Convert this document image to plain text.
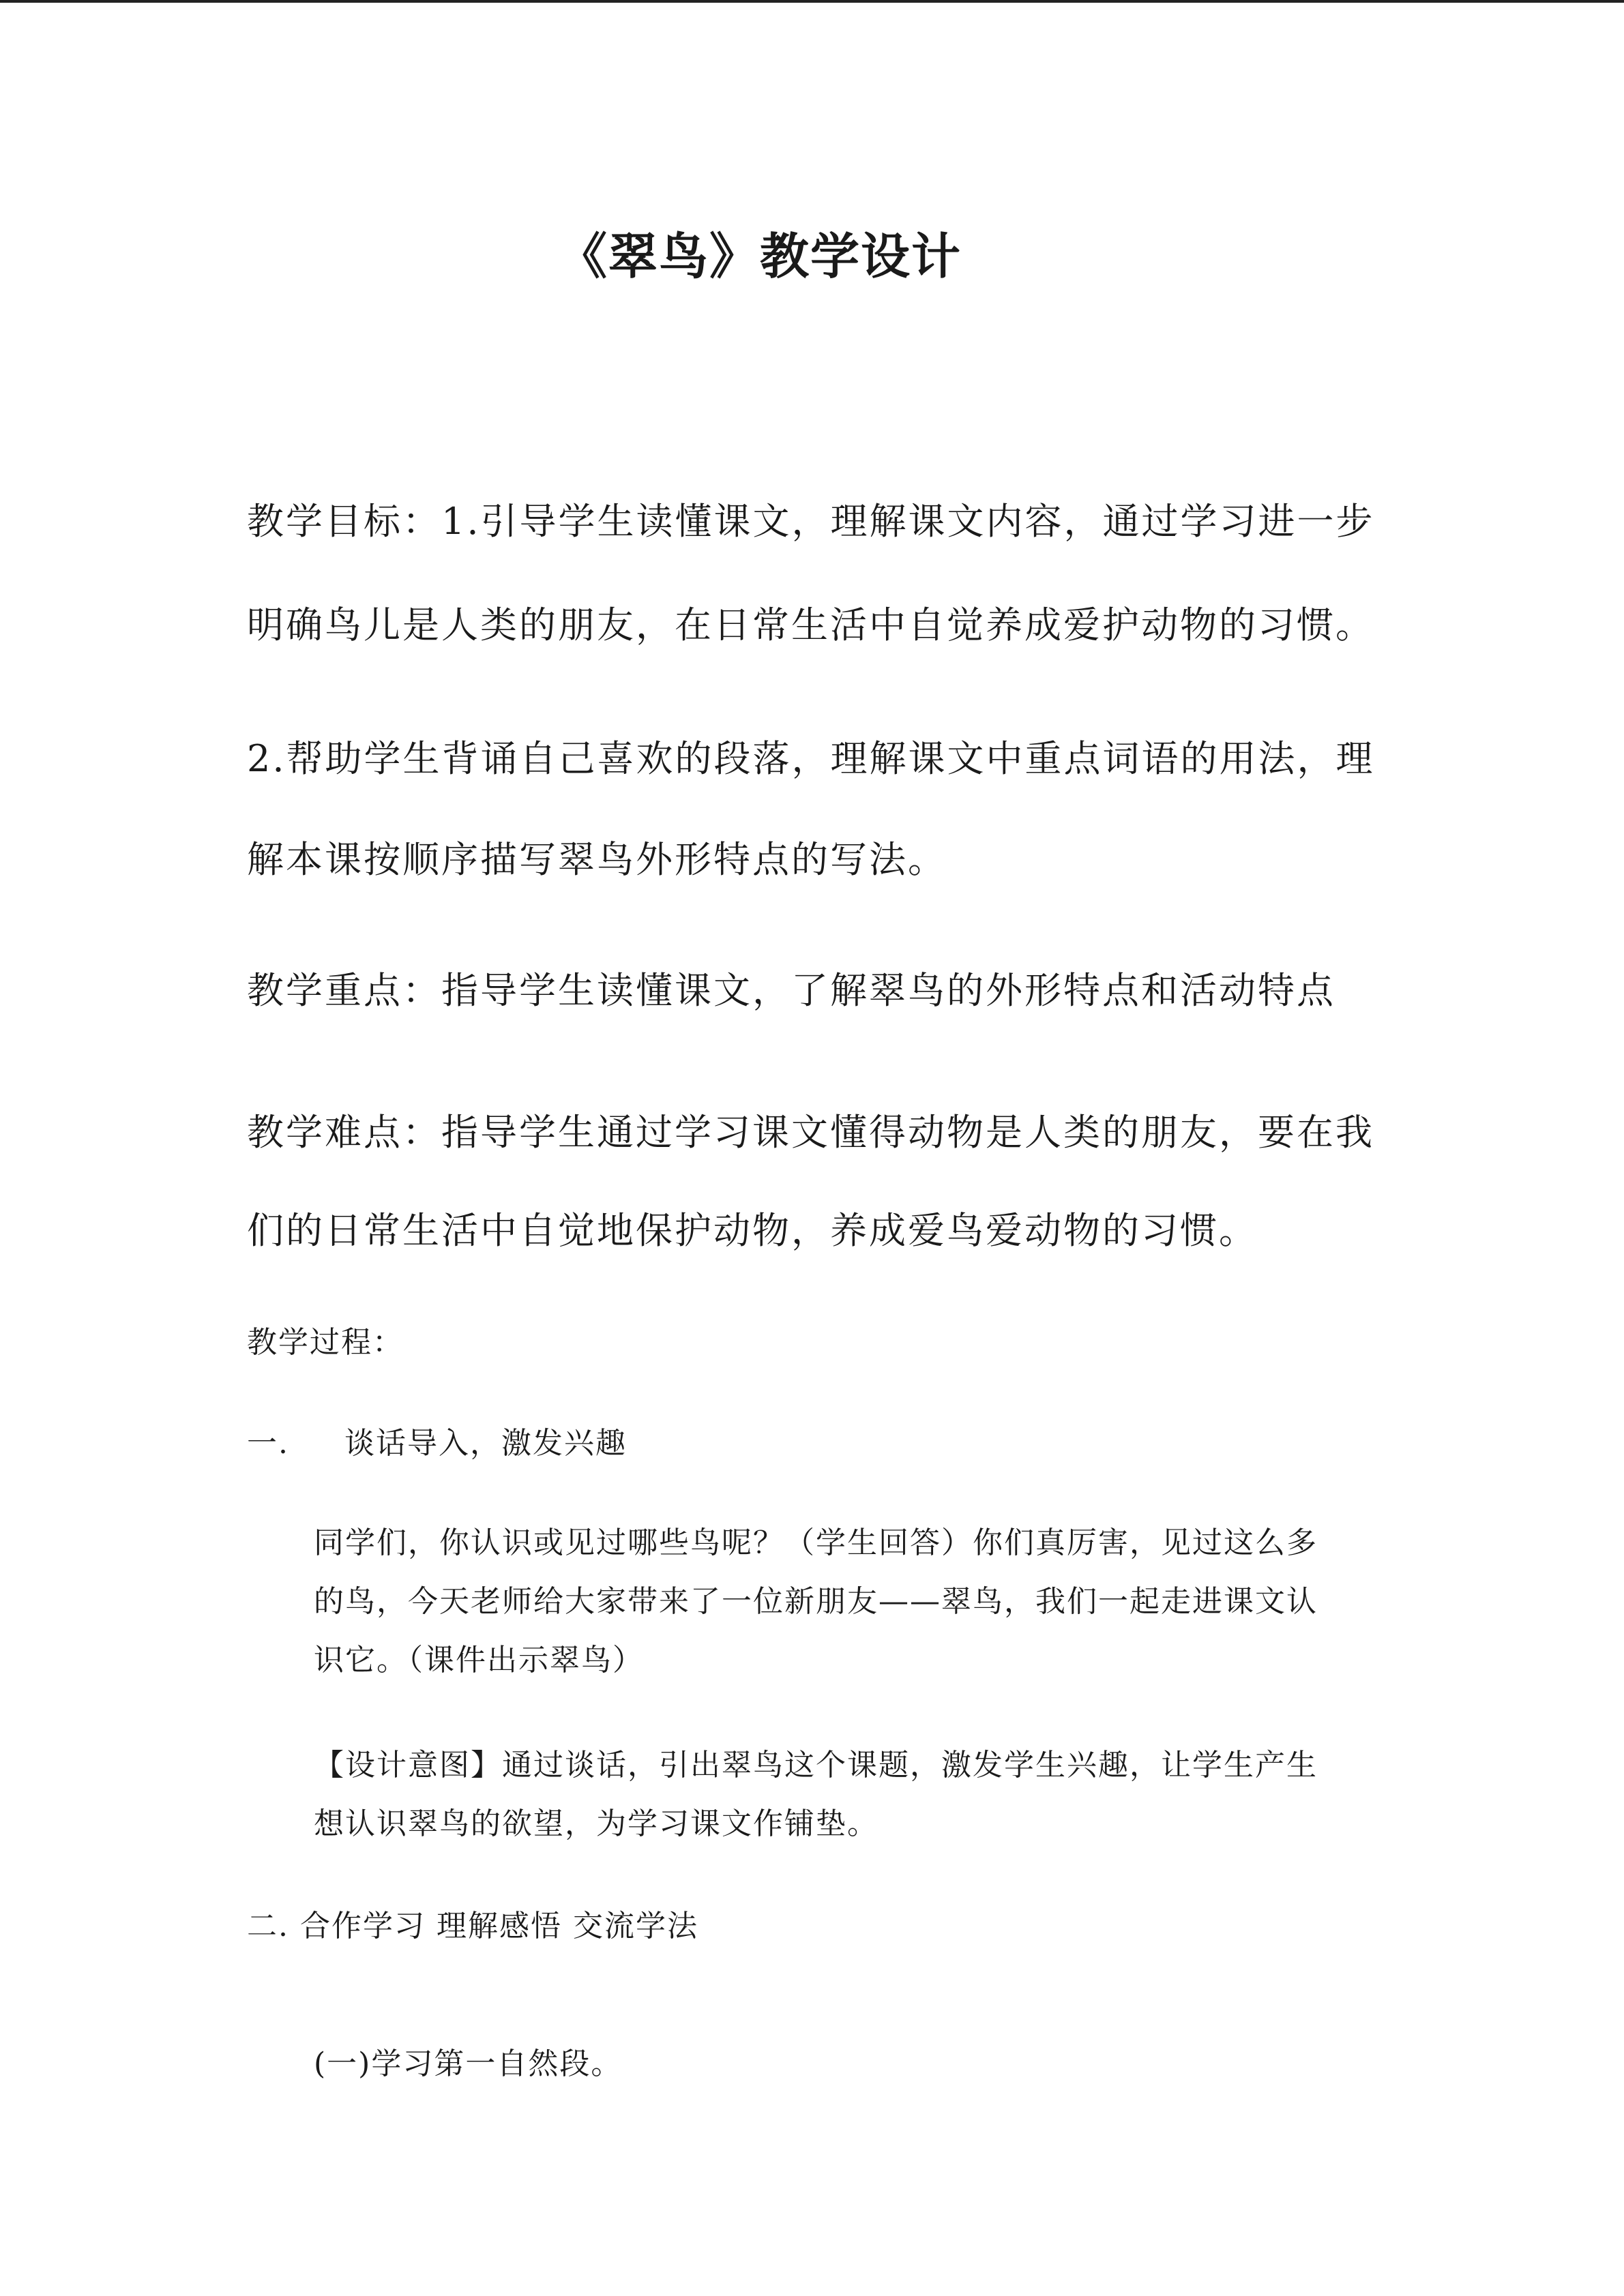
《翠鸟》教学设计

教学目标：1.引导学生读懂课文，理解课文内容，通过学习进一步

明确鸟儿是人类的朋友，在日常生活中自觉养成爱护动物的习惯。

2.帮助学生背诵自己喜欢的段落，理解课文中重点词语的用法，理

解本课按顺序描写翠鸟外形特点的写法。

教学重点：指导学生读懂课文，了解翠鸟的外形特点和活动特点

教学难点：指导学生通过学习课文懂得动物是人类的朋友，要在我

们的日常生活中自觉地保护动物，养成爱鸟爱动物的习惯。

教学过程：

一. 谈话导入，激发兴趣

同学们，你认识或见过哪些鸟呢？（学生回答）你们真厉害，见过这么多

的鸟，今天老师给大家带来了一位新朋友——翠鸟，我们一起走进课文认

识它。（课件出示翠鸟）

【设计意图】通过谈话，引出翠鸟这个课题，激发学生兴趣，让学生产生

想认识翠鸟的欲望，为学习课文作铺垫。

二. 合作学习 理解感悟 交流学法

(一)学习第一自然段。
